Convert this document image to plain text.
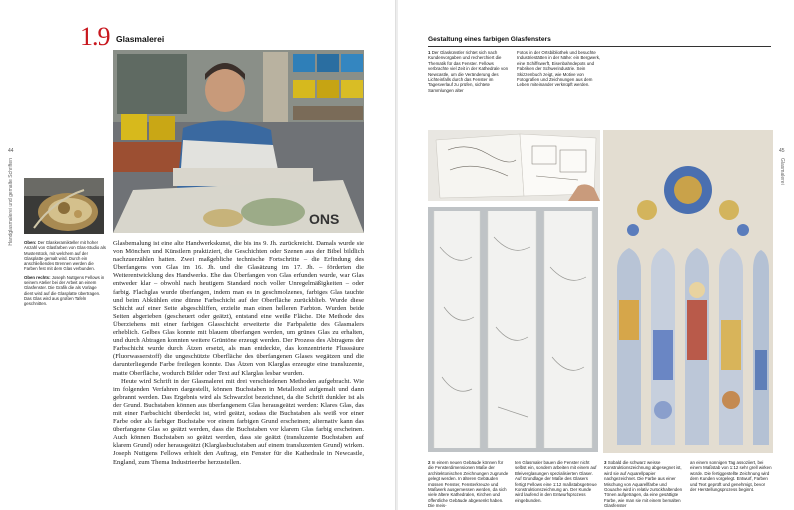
44
Handglasmalerei und gemalte Schriften
1.9 Glasmalerei
ONS

Oben: Der Glaskeramikteller mit hoher Anzahl von Glasfarben von Glas-Studio als Musterstück, mit welchem auf der Glasplatte gemalt wird. Durch ein anschließendes Brennen werden die Farben fest mit dem Glas verbunden.

Oben rechts: Joseph Nuttgens Fellows in seinem Atelier bei der Arbeit an einem Glasfenster. Die Grafik die als Vorlage dient wird auf die Glasplatte übertragen. Das Glas wird aus großen Tafeln geschnitten.

Glasbemalung ist eine alte Handwerkskunst, die bis ins 9. Jh. zurückreicht. Damals wurde sie von Mönchen und Künstlern praktiziert, die Geschichten oder Szenen aus der Bibel bildlich nachzuerzählen hatten. Zwei maßgebliche technische Fortschritte – die Erfindung des Überfangens von Glas im 16. Jh. und die Glasätzung im 17. Jh. – förderten die Weiterentwicklung des Handwerks. Ehe das Überfangen von Glas erfunden wurde, war Glas entweder klar – obwohl nach heutigem Standard noch voller Unregelmäßigkeiten – oder farbig. Flachglas wurde überfangen, indem man es in geschmolzenes, farbiges Glas tauchte und beim Abkühlen eine dünne Farbschicht auf der Oberfläche zurückblieb. Wurde diese Schicht auf einer Seite abgeschliffen, erzielte man einen helleren Farbton. Wurden beide Seiten abgerieben (gescheuert oder geätzt), entstand eine weiße Fläche. Die Methode des Überziehens mit einer farbigen Glasschicht erweiterte die Farbpalette des Glasmalers erheblich. Gelbes Glas konnte mit blauem überfangen werden, um grünes Glas zu erhalten, und durch Abtragen konnten weitere Grüntöne erzeugt werden. Der Prozess des Abtragens der Farbschicht wurde durch Ätzen ersetzt, als man entdeckte, das konzentrierte Flusssäure (Fluorwasserstoff) die ungeschützte Oberfläche des überfangenen Glases wegätzen und die darunterliegende Farbe freilegen konnte. Das Ätzen von Klarglas erzeugte eine transluzente, matte Oberfläche, wodurch Bilder oder Text auf Klarglas lesbar wurden.

Heute wird Schrift in der Glasmalerei mit drei verschiedenen Methoden aufgebracht. Wie im folgenden Verfahren dargestellt, können Buchstaben in Metalloxid aufgemalt und dann gebrannt werden. Das Ergebnis wird als Schwarzlot bezeichnet, da die Schrift dunkler ist als der Grund. Buchstaben können aus überfangenem Glas herausgeätzt werden: Klares Glas, das mit einer Farbschicht überdeckt ist, wird geätzt, sodass die Buchstaben als weiß vor einer Farbe oder als farbiger Buchstabe vor einem farbigen Grund erscheinen; alternativ kann das überfangene Glas so geätzt werden, dass die Buchstaben vor klarem Glas farbig erscheinen. Auch können Buchstaben so geätzt werden, dass sie geätzt (transluzente Buchstaben auf klarem Grund) oder herausgeätzt (Klarglasbuchstaben auf einem transluzenten Grund) wirken. Joseph Nuttgens Fellows erhielt den Auftrag, ein Fenster für die Kathedrale in Newcastle, England, zum Thema Industrieerbe herzustellen.

45
Glasmalerei
Gestaltung eines farbigen Glasfensters
1 Der Glaskünstler richtet sich nach Kundenvorgaben und recherchiert die Thematik für das Fenster. Fellows verbrachte viel Zeit in der Kathedrale von Newcastle, um die Veränderung des Lichteinfalls durch das Fenster im Tagesverlauf zu prüfen, sichtete Sammlungen alter
Fotos in der Ortsbibliothek und besuchte Industriestätten in der Nähe: ein Bergwerk, eine Schiffswerft, Eisenbahndepots und Fabriken der Schwerindustrie. Sein Skizzenbuch zeigt, wie Motive von Fotografien und Zeichnungen aus dem Leben miteinander verknüpft werden.
2 In einem neuen Gebäude können für die Fensterdimensionen Maße der architektonischen Zeichnungen zugrunde gelegt werden. In älteren Gebäuden müssen Fenster, Fensterkreuze und Maßwerk ausgemessen werden, da sich viele ältere Kathedralen, Kirchen und öffentliche Gebäude abgesenkt haben. Die meis-
ten Glasmaler bauen die Fenster nicht selbst ein, sondern arbeiten mit einem auf Bleiverglasungen spezialisierten Glaser. Auf Grundlage der Maße des Glasers fertigt Fellows eine 1:12 maßstabsgetreue Konstruktionszeichnung an. Der Kunde wird laufend in den Entwurfsprozess eingebunden.
3 Sobald die schwarz weisse Konstruktionszeichnung abgesegnet ist, wird sie auf Aquarellpapier nachgezeichnet. Die Farbe aus einer Mischung von Aquarellfarbe und Gouache wird in relativ zurückhaltenden Tönen aufgetragen, da eine gesättigte Farbe, wie man sie mit einem bemalten Glasfenster
an einem sonnigen Tag assoziiert, bei einem Maßstab von 1:12 sehr grell wirken würde. Die fertiggestellte Zeichnung wird dem Kunden vorgelegt. Entwurf, Farben und Text geprüft und genehmigt, bevor der Herstellungsprozess beginnt.
